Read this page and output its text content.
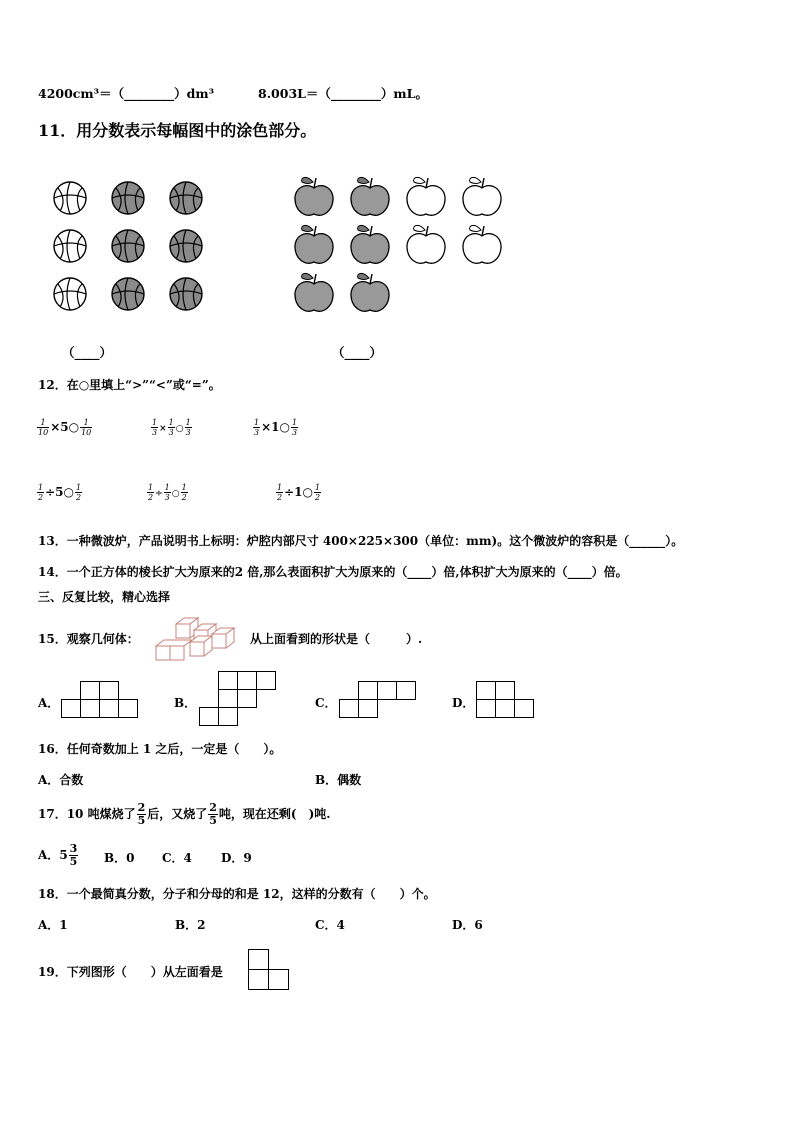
4200cm³＝（________）dm³	8.003L＝（________）mL。
11．用分数表示每幅图中的涂色部分。
（____）	（____）
12．在○里填上“>”“<”或“=”。
$\frac{1}{10}$ ×5○ $\frac{1}{10}$	$\frac{1}{3} \times \frac{1}{3}$ ○ $\frac{1}{3}$	$\frac{1}{3}$ ×1○ $\frac{1}{3}$
$\frac{1}{2}$ ÷5○ $\frac{1}{2}$	$\frac{1}{2} \div \frac{1}{3}$ ○ $\frac{1}{2}$	$\frac{1}{2}$ ÷1○ $\frac{1}{2}$
13．一种微波炉，产品说明书上标明：炉腔内部尺寸 400×225×300（单位：mm)。这个微波炉的容积是（______）。
14．一个正方体的棱长扩大为原来的2 倍,那么表面积扩大为原来的（____）倍,体积扩大为原来的（____）倍。
三、反复比较，精心选择
15．观察几何体：	从上面看到的形状是（　　　）.
A．	B．	C．	D．
16．任何奇数加上 1 之后，一定是（　　）。
A．合数	B．偶数
17．10 吨煤烧了 $\frac{2}{5}$ 后，又烧了 $\frac{2}{5}$ 吨，现在还剩(　)吨.
A．$5 \frac{3}{5}$ B．0 C．4 D．9
18．一个最简真分数，分子和分母的和是 12，这样的分数有（　　）个。
A．1	B．2	C．4	D．6
19．下列图形（　　）从左面看是
